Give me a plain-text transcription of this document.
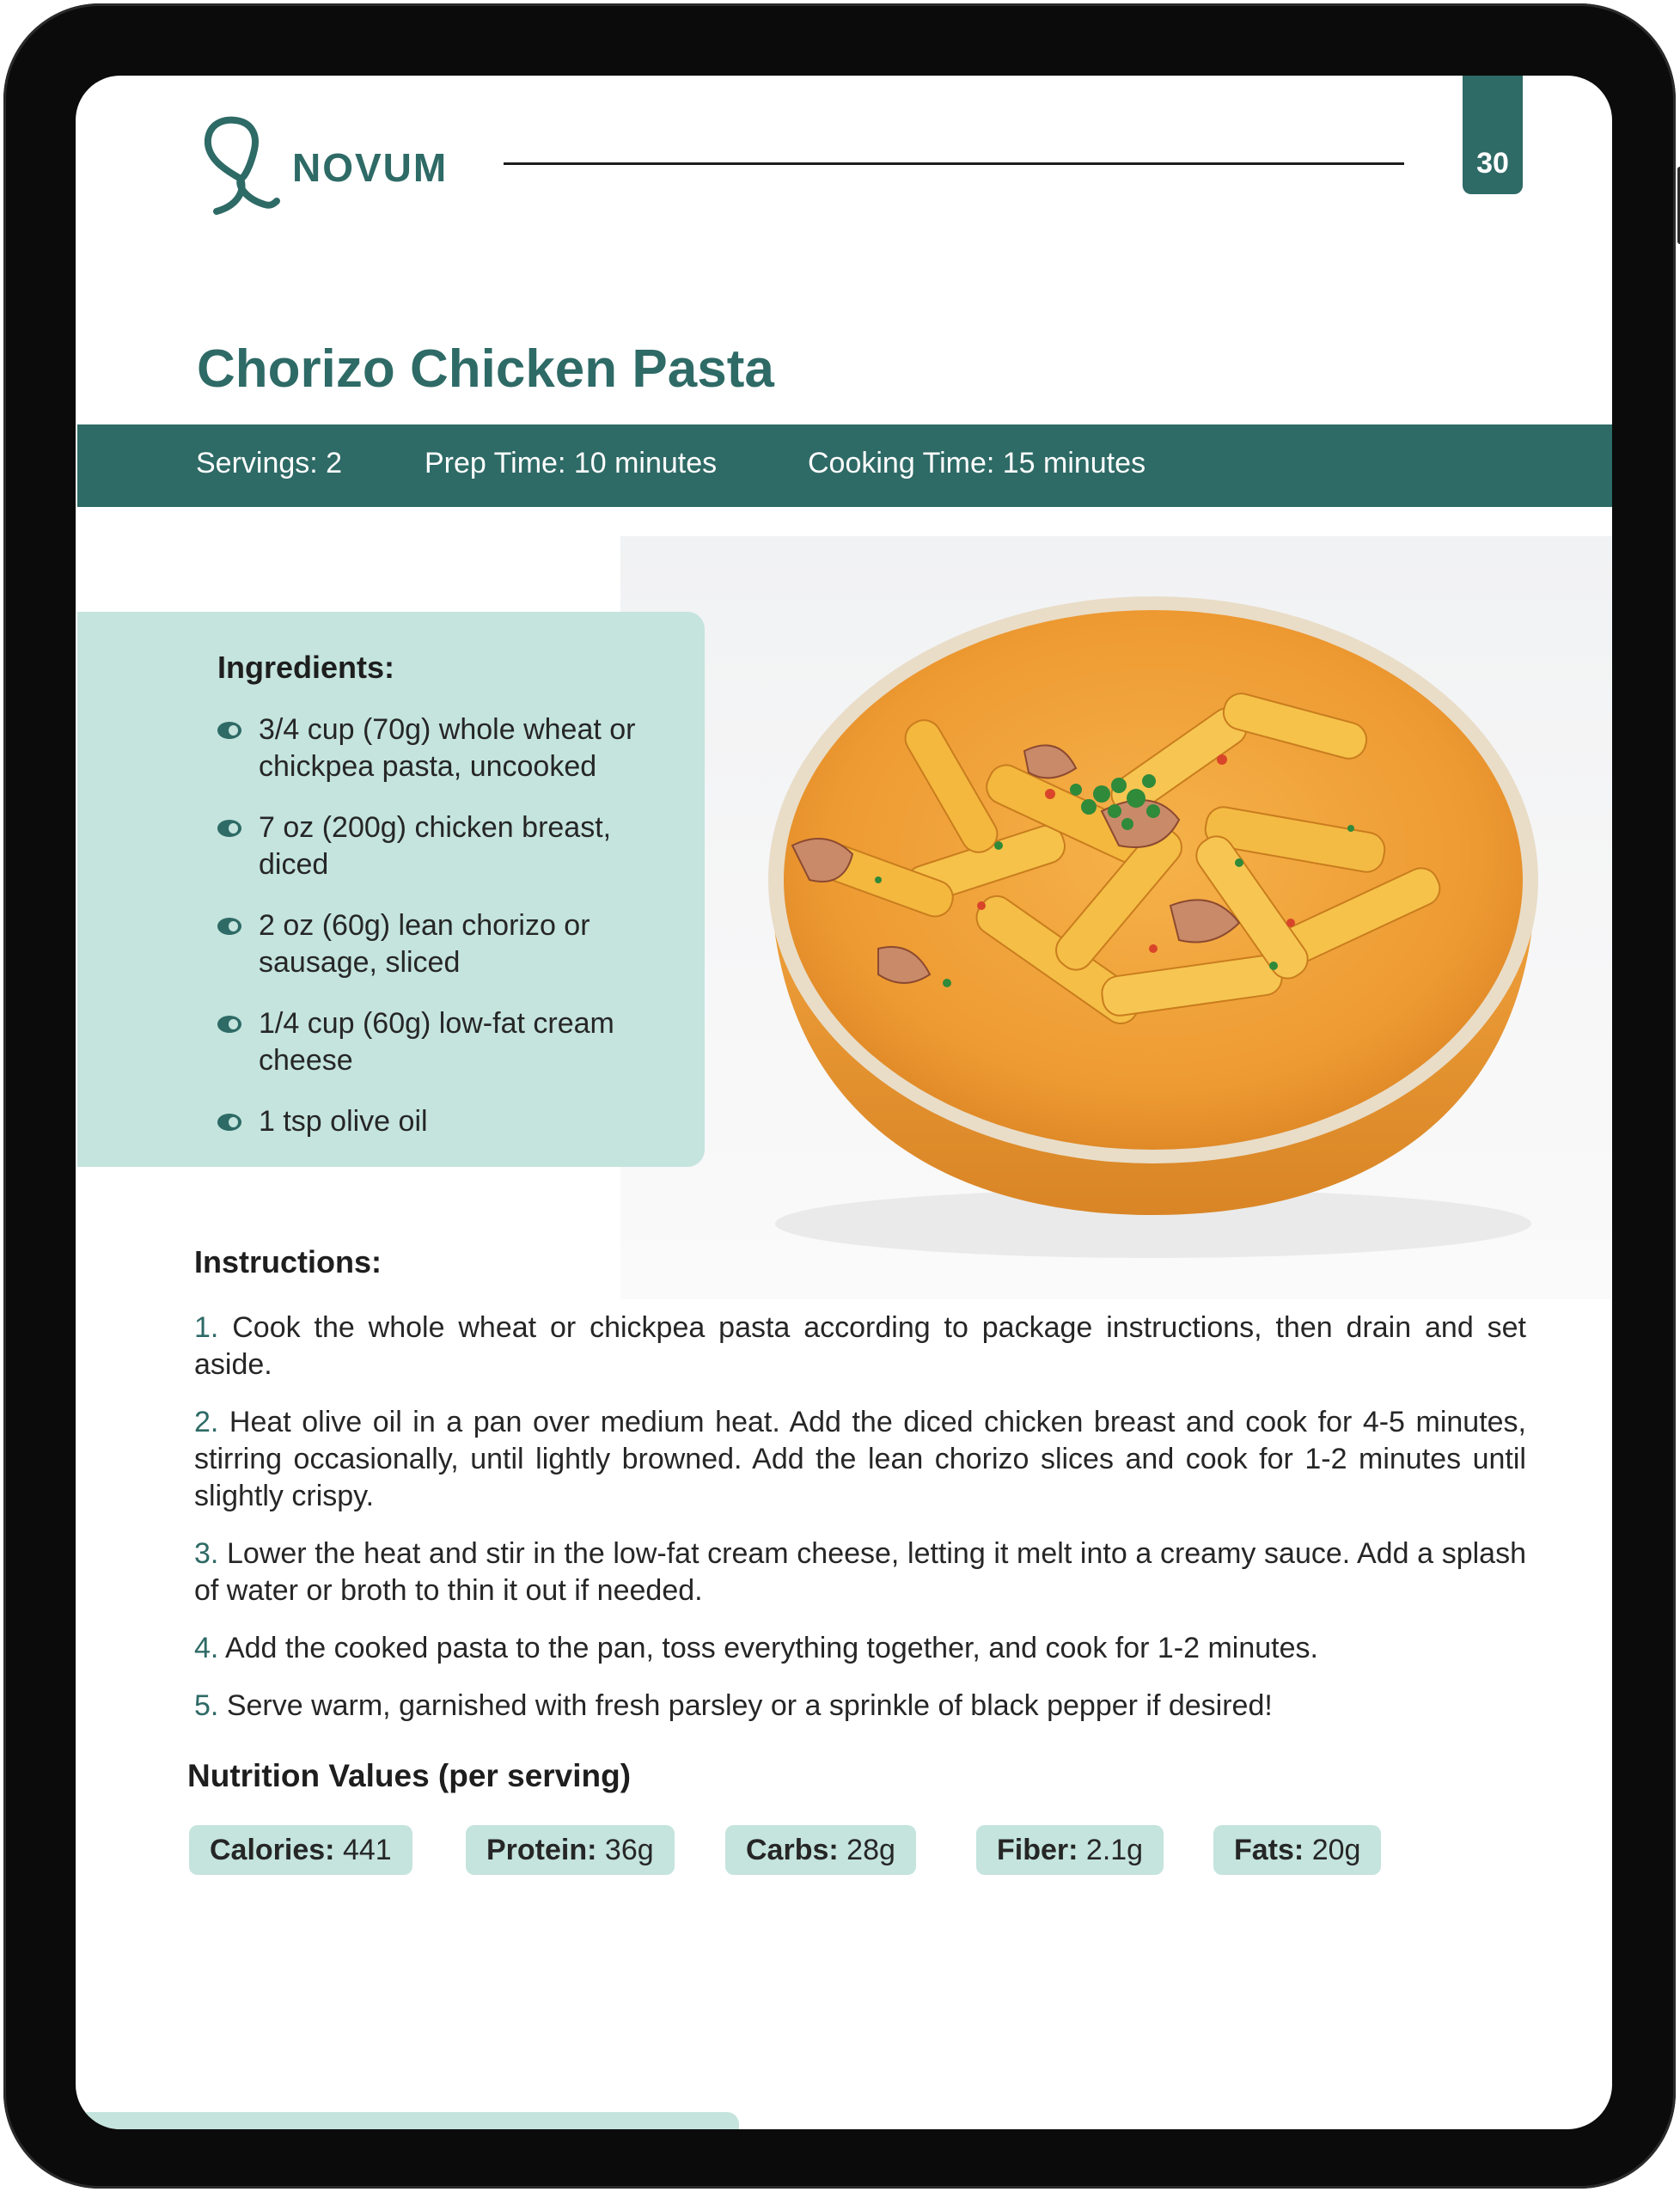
NOVUM	30
Chorizo Chicken Pasta
Servings: 2	Prep Time: 10 minutes	Cooking Time: 15 minutes
Ingredients:
3/4 cup (70g) whole wheat or chickpea pasta, uncooked
7 oz (200g) chicken breast, diced
2 oz (60g) lean chorizo or sausage, sliced
1/4 cup (60g) low-fat cream cheese
1 tsp olive oil
Instructions:
1. Cook the whole wheat or chickpea pasta according to package instructions, then drain and set aside.
2. Heat olive oil in a pan over medium heat. Add the diced chicken breast and cook for 4-5 minutes, stirring occasionally, until lightly browned. Add the lean chorizo slices and cook for 1-2 minutes until slightly crispy.
3. Lower the heat and stir in the low-fat cream cheese, letting it melt into a creamy sauce. Add a splash of water or broth to thin it out if needed.
4. Add the cooked pasta to the pan, toss everything together, and cook for 1-2 minutes.
5. Serve warm, garnished with fresh parsley or a sprinkle of black pepper if desired!
Nutrition Values (per serving)
Calories: 441	Protein: 36g	Carbs: 28g	Fiber: 2.1g	Fats: 20g
